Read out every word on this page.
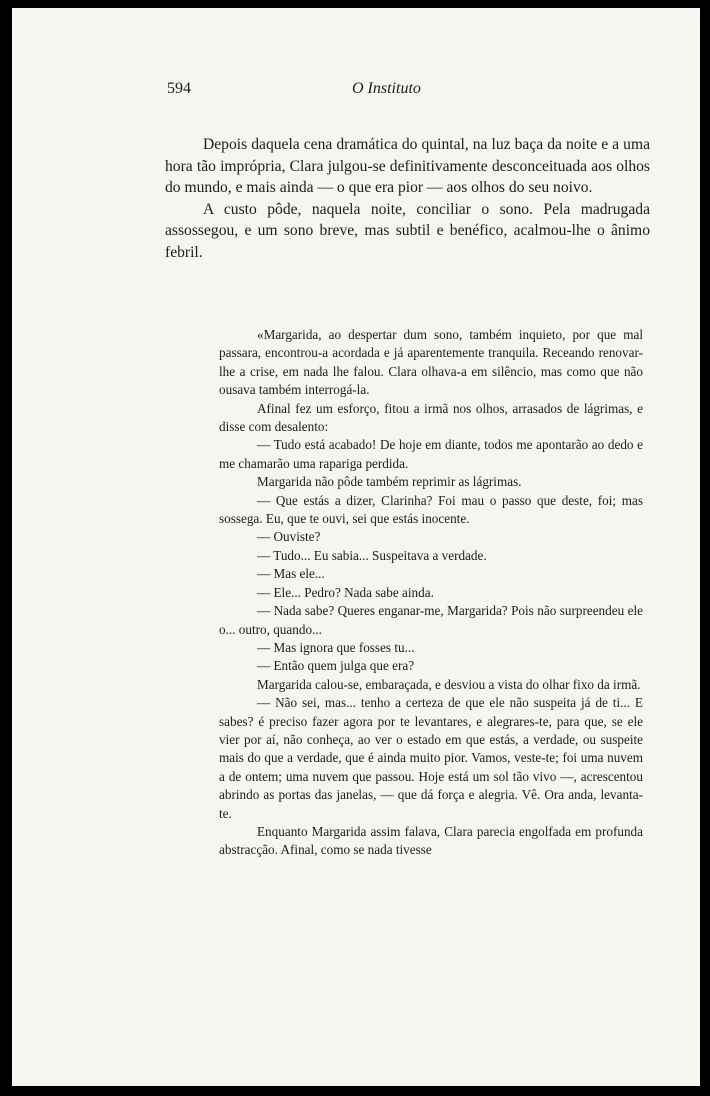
594	O Instituto

Depois daquela cena dramática do quintal, na luz baça da noite e a uma hora tão imprópria, Clara julgou-se definitivamente desconceituada aos olhos do mundo, e mais ainda — o que era pior — aos olhos do seu noivo.

A custo pôde, naquela noite, conciliar o sono. Pela madrugada assossegou, e um sono breve, mas subtil e benéfico, acalmou-lhe o ânimo febril.

«Margarida, ao despertar dum sono, também inquieto, por que mal passara, encontrou-a acordada e já aparentemente tranquila. Receando renovar-lhe a crise, em nada lhe falou. Clara olhava-a em silêncio, mas como que não ousava também interrogá-la.

Afinal fez um esforço, fitou a irmã nos olhos, arrasados de lágrimas, e disse com desalento:

— Tudo está acabado! De hoje em diante, todos me apontarão ao dedo e me chamarão uma rapariga perdida.

Margarida não pôde também reprimir as lágrimas.

— Que estás a dizer, Clarinha? Foi mau o passo que deste, foi; mas sossega. Eu, que te ouvi, sei que estás inocente.

— Ouviste?

— Tudo... Eu sabia... Suspeitava a verdade.

— Mas ele...

— Ele... Pedro? Nada sabe ainda.

— Nada sabe? Queres enganar-me, Margarida? Pois não surpreendeu ele o... outro, quando...

— Mas ignora que fosses tu...

— Então quem julga que era?

Margarida calou-se, embaraçada, e desviou a vista do olhar fixo da irmã.

— Não sei, mas... tenho a certeza de que ele não suspeita já de ti... E sabes? é preciso fazer agora por te levantares, e alegrares-te, para que, se ele vier por aí, não conheça, ao ver o estado em que estás, a verdade, ou suspeite mais do que a verdade, que é ainda muito pior. Vamos, veste-te; foi uma nuvem a de ontem; uma nuvem que passou. Hoje está um sol tão vivo —, acrescentou abrindo as portas das janelas, — que dá força e alegria. Vê. Ora anda, levanta-te.

Enquanto Margarida assim falava, Clara parecia engolfada em profunda abstracção. Afinal, como se nada tivesse
